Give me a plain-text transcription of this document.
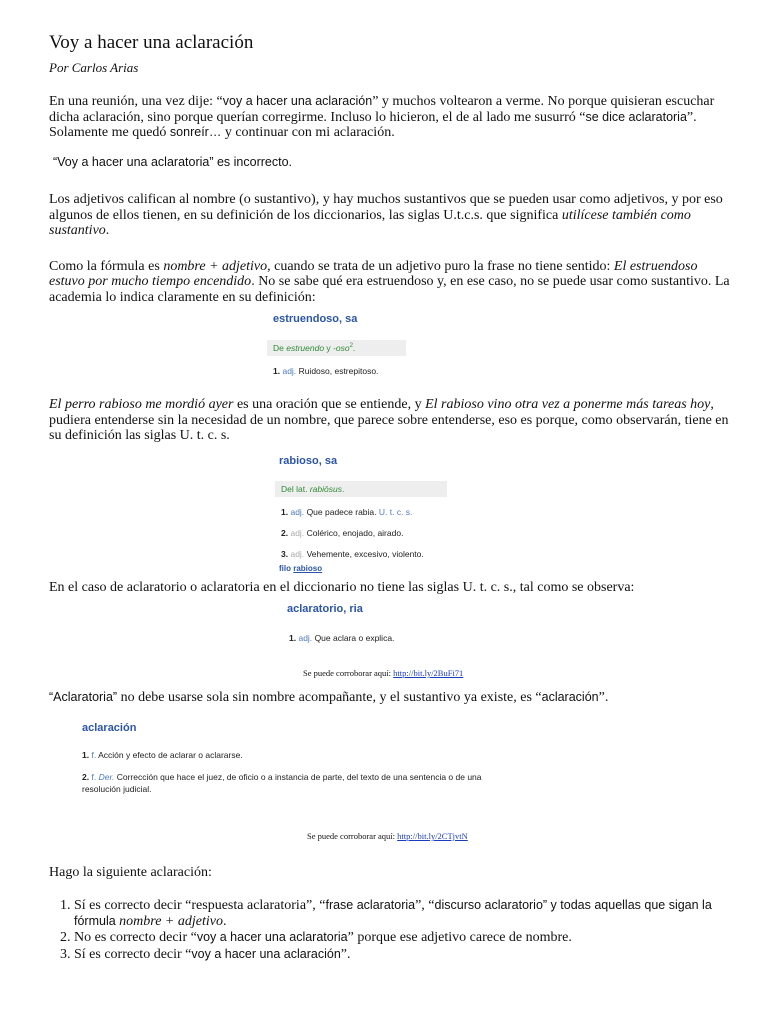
Voy a hacer una aclaración
Por Carlos Arias

En una reunión, una vez dije: “voy a hacer una aclaración” y muchos voltearon a verme. No porque quisieran escuchar dicha aclaración, sino porque querían corregirme. Incluso lo hicieron, el de al lado me susurró “se dice aclaratoria”. Solamente me quedó sonreír… y continuar con mi aclaración.

“Voy a hacer una aclaratoria” es incorrecto.

Los adjetivos califican al nombre (o sustantivo), y hay muchos sustantivos que se pueden usar como adjetivos, y por eso algunos de ellos tienen, en su definición de los diccionarios, las siglas U.t.c.s. que significa utilícese también como sustantivo.

Como la fórmula es nombre + adjetivo, cuando se trata de un adjetivo puro la frase no tiene sentido: El estruendoso estuvo por mucho tiempo encendido. No se sabe qué era estruendoso y, en ese caso, no se puede usar como sustantivo. La academia lo indica claramente en su definición:

estruendoso, sa
De estruendo y -oso$^2$.
1. adj. Ruidoso, estrepitoso.

El perro rabioso me mordió ayer es una oración que se entiende, y El rabioso vino otra vez a ponerme más tareas hoy, pudiera entenderse sin la necesidad de un nombre, que parece sobre entenderse, eso es porque, como observarán, tiene en su definición las siglas U. t. c. s.

rabioso, sa
Del lat. rabiōsus.
1. adj. Que padece rabia. U. t. c. s.
2. adj. Colérico, enojado, airado.
3. adj. Vehemente, excesivo, violento.
filo rabioso

En el caso de aclaratorio o aclaratoria en el diccionario no tiene las siglas U. t. c. s., tal como se observa:

aclaratorio, ria
1. adj. Que aclara o explica.
Se puede corroborar aquí: http://bit.ly/2BuFi71

“Aclaratoria” no debe usarse sola sin nombre acompañante, y el sustantivo ya existe, es “aclaración”.

aclaración
1. f. Acción y efecto de aclarar o aclararse.
2. f. Der. Corrección que hace el juez, de oficio o a instancia de parte, del texto de una sentencia o de una resolución judicial.
Se puede corroborar aquí: http://bit.ly/2CTjvtN

Hago la siguiente aclaración:

1. Sí es correcto decir “respuesta aclaratoria”, “frase aclaratoria”, “discurso aclaratorio” y todas aquellas que sigan la fórmula nombre + adjetivo.
2. No es correcto decir “voy a hacer una aclaratoria” porque ese adjetivo carece de nombre.
3. Sí es correcto decir “voy a hacer una aclaración”.
